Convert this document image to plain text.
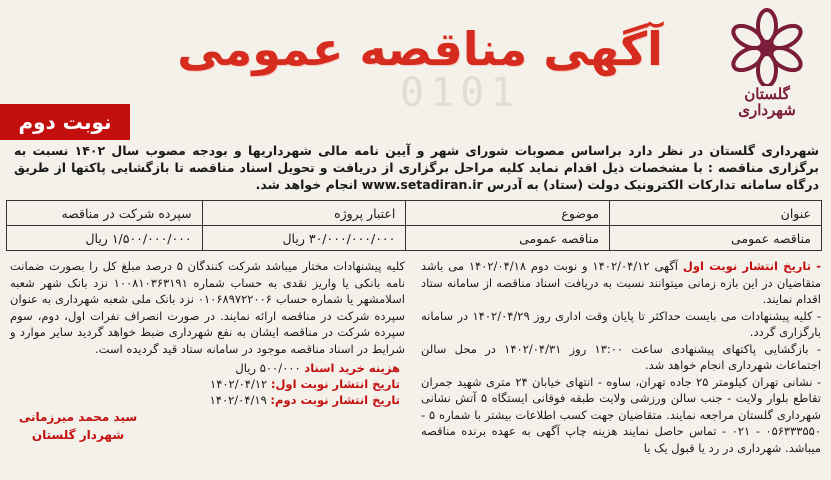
گلستان
شهرداری
0101
آگهی مناقصه عمومی
نوبت دوم
شهرداری گلستان در نظر دارد براساس مصوبات شورای شهر و آیین نامه مالی شهرداریها و بودجه مصوب سال ۱۴۰۲ نسبت به برگزاری مناقصه : با مشخصات ذیل اقدام نماید کلیه مراحل برگزاری از دریافت و تحویل اسناد مناقصه تا بازگشایی پاکتها از طریق درگاه سامانه تدارکات الکترونیک دولت (ستاد) به آدرس www.setadiran.ir انجام خواهد شد.
عنوان	موضوع	اعتبار پروژه	سپرده شرکت در مناقصه
مناقصه عمومی	مناقصه عمومی	۳۰/۰۰۰/۰۰۰/۰۰۰ ریال	۱/۵۰۰/۰۰۰/۰۰۰ ریال
- تاریخ انتشار نوبت اول آگهی ۱۴۰۲/۰۴/۱۲ و نوبت دوم ۱۴۰۲/۰۴/۱۸ می باشد متقاضیان در این بازه زمانی میتوانند نسبت به دریافت اسناد مناقصه از سامانه ستاد اقدام نمایند.
- کلیه پیشنهادات می بایست حداکثر تا پایان وقت اداری روز ۱۴۰۲/۰۴/۲۹ در سامانه بارگزاری گردد.
- بازگشایی پاکتهای پیشنهادی ساعت ۱۳:۰۰ روز ۱۴۰۲/۰۴/۳۱ در محل سالن اجتماعات شهرداری انجام خواهد شد.
- نشانی تهران کیلومتر ۲۵ جاده تهران، ساوه - انتهای خیابان ۲۴ متری شهید جمران تقاطع بلوار ولایت - جنب سالن ورزشی ولایت طبقه فوقانی ایستگاه ۵ آتش نشانی شهرداری گلستان مراجعه نمایند. متقاضیان جهت کسب اطلاعات بیشتر با شماره ۵ - ۰۵۶۳۳۳۵۵۰ - ۰۲۱ - تماس حاصل نمایند هزینه چاپ آگهی به عهده برنده مناقصه میباشد. شهرداری در رد یا قبول یک یا
کلیه پیشنهادات مختار میباشد شرکت کنندگان ۵ درصد مبلغ کل را بصورت ضمانت نامه بانکی یا واریز نقدی به حساب شماره ۱۰۰۸۱۰۳۶۳۱۹۱ نزد بانک شهر شعبه اسلامشهر یا شماره حساب ۰۱۰۶۸۹۷۲۲۰۰۶ نزد بانک ملی شعبه شهرداری به عنوان سپرده شرکت در مناقصه ارائه نمایند. در صورت انصراف نفرات اول، دوم، سوم سپرده شرکت در مناقصه ایشان به نفع شهرداری ضبط خواهد گردید سایر موارد و شرایط در اسناد مناقصه موجود در سامانه ستاد قید گردیده است.
هزینه خرید اسناد ۵۰۰/۰۰۰ ریال
تاریخ انتشار نوبت اول: ۱۴۰۲/۰۴/۱۲
تاریخ انتشار نوبت دوم: ۱۴۰۲/۰۴/۱۹
سید محمد میرزمانی
شهردار گلستان
